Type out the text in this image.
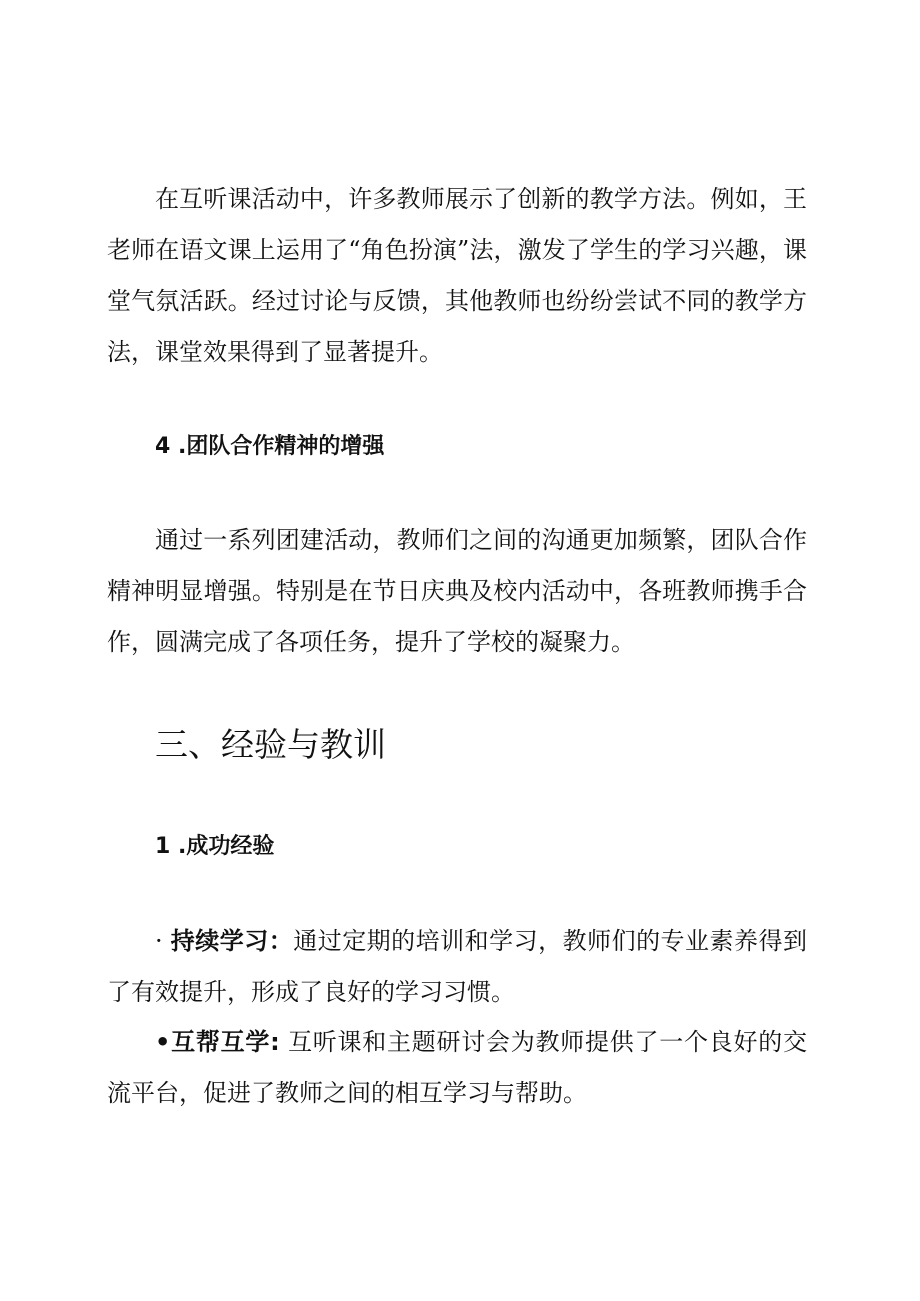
在互听课活动中，许多教师展示了创新的教学方法。例如，王老师在语文课上运用了“角色扮演”法，激发了学生的学习兴趣，课堂气氛活跃。经过讨论与反馈，其他教师也纷纷尝试不同的教学方法，课堂效果得到了显著提升。

4 .团队合作精神的增强

通过一系列团建活动，教师们之间的沟通更加频繁，团队合作精神明显增强。特别是在节日庆典及校内活动中，各班教师携手合作，圆满完成了各项任务，提升了学校的凝聚力。

三、经验与教训
1 .成功经验

· 持续学习：通过定期的培训和学习，教师们的专业素养得到了有效提升，形成了良好的学习习惯。

•互帮互学: 互听课和主题研讨会为教师提供了一个良好的交流平台，促进了教师之间的相互学习与帮助。
